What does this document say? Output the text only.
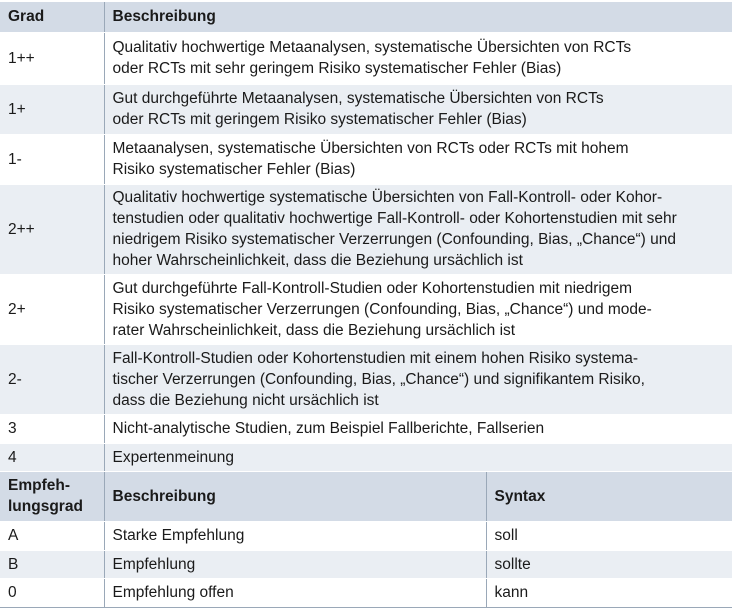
Grad	Beschreibung	
1++	Qualitativ hochwertige Metaanalysen, systematische Übersichten von RCTs
oder RCTs mit sehr geringem Risiko systematischer Fehler (Bias)	

1+	Gut durchgeführte Metaanalysen, systematische Übersichten von RCTs
oder RCTs mit geringem Risiko systematischer Fehler (Bias)	

1-	Metaanalysen, systematische Übersichten von RCTs oder RCTs mit hohem
Risiko systematischer Fehler (Bias)	

2++	Qualitativ hochwertige systematische Übersichten von Fall-Kontroll- oder Kohor-
tenstudien oder qualitativ hochwertige Fall-Kontroll- oder Kohortenstudien mit sehr
niedrigem Risiko systematischer Verzerrungen (Confounding, Bias, „Chance“) und
hoher Wahrscheinlichkeit, dass die Beziehung ursächlich ist	

2+	Gut durchgeführte Fall-Kontroll-Studien oder Kohortenstudien mit niedrigem
Risiko systematischer Verzerrungen (Confounding, Bias, „Chance“) und mode-
rater Wahrscheinlichkeit, dass die Beziehung ursächlich ist	

2-	Fall-Kontroll-Studien oder Kohortenstudien mit einem hohen Risiko systema-
tischer Verzerrungen (Confounding, Bias, „Chance“) und signifikantem Risiko,
dass die Beziehung nicht ursächlich ist	

3	Nicht-analytische Studien, zum Beispiel Fallberichte, Fallserien	

4	Expertenmeinung	

Empfeh-
lungsgrad	Beschreibung	Syntax
A	Starke Empfehlung	soll
B	Empfehlung	sollte
0	Empfehlung offen	kann
